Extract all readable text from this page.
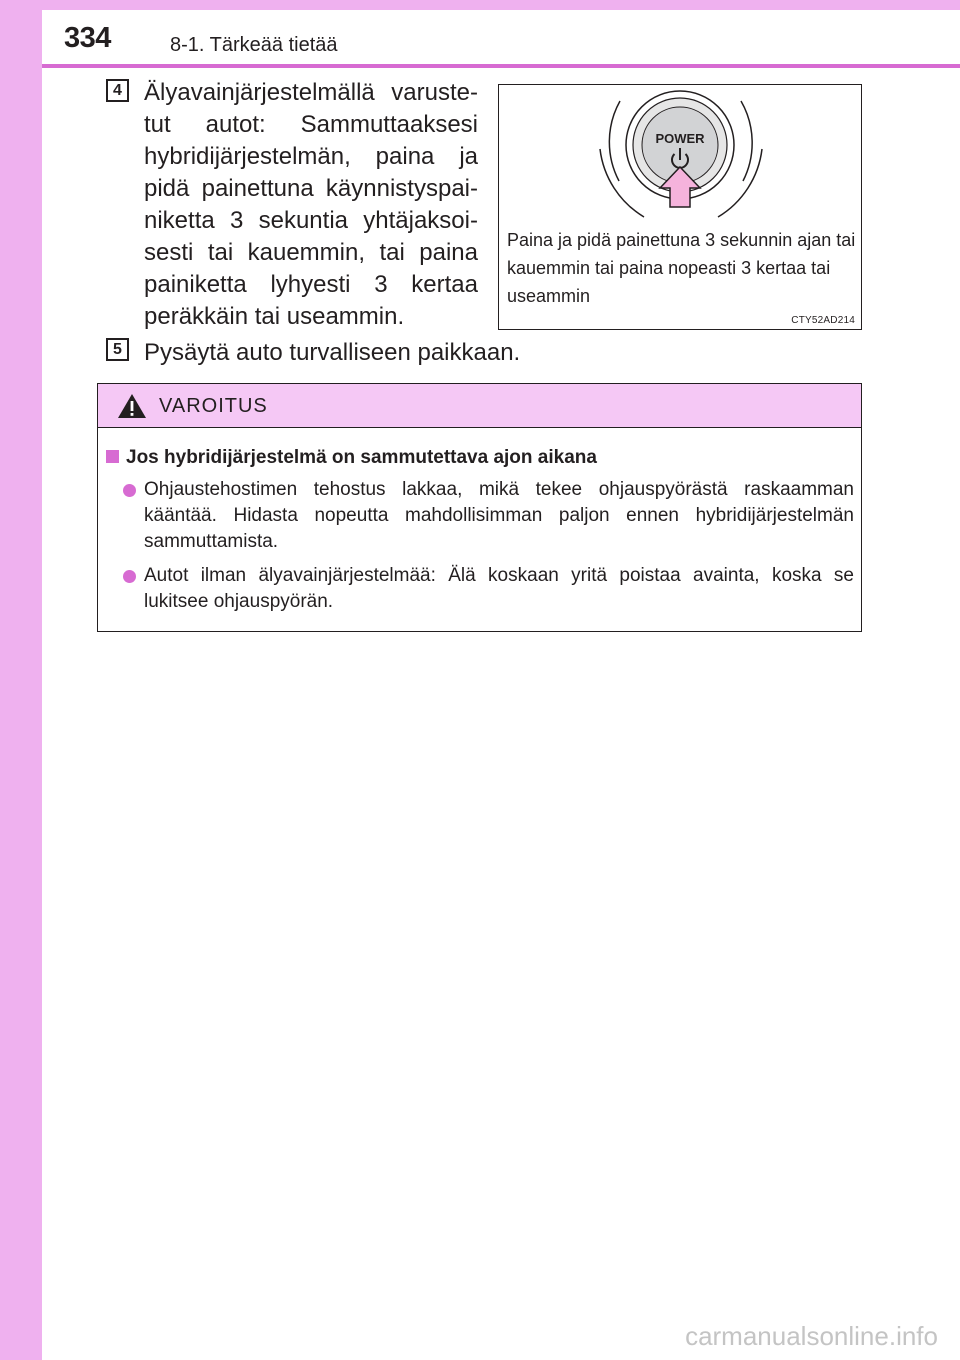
334	8-1. Tärkeää tietää
4 Älyavainjärjestelmällä varustetut autot: Sammuttaaksesi hybridijärjestelmän, paina ja pidä painettuna käynnistyspainiketta 3 sekuntia yhtäjaksoisesti tai kauemmin, tai paina painiketta lyhyesti 3 kertaa peräkkäin tai useammin.
POWER
Paina ja pidä painettuna 3 sekunnin ajan tai kauemmin tai paina nopeasti 3 kertaa tai useammin
CTY52AD214
5 Pysäytä auto turvalliseen paikkaan.
VAROITUS
Jos hybridijärjestelmä on sammutettava ajon aikana
Ohjaustehostimen tehostus lakkaa, mikä tekee ohjauspyörästä raskaamman kääntää. Hidasta nopeutta mahdollisimman paljon ennen hybridijärjestelmän sammuttamista.
Autot ilman älyavainjärjestelmää: Älä koskaan yritä poistaa avainta, koska se lukitsee ohjauspyörän.
carmanualsonline.info
